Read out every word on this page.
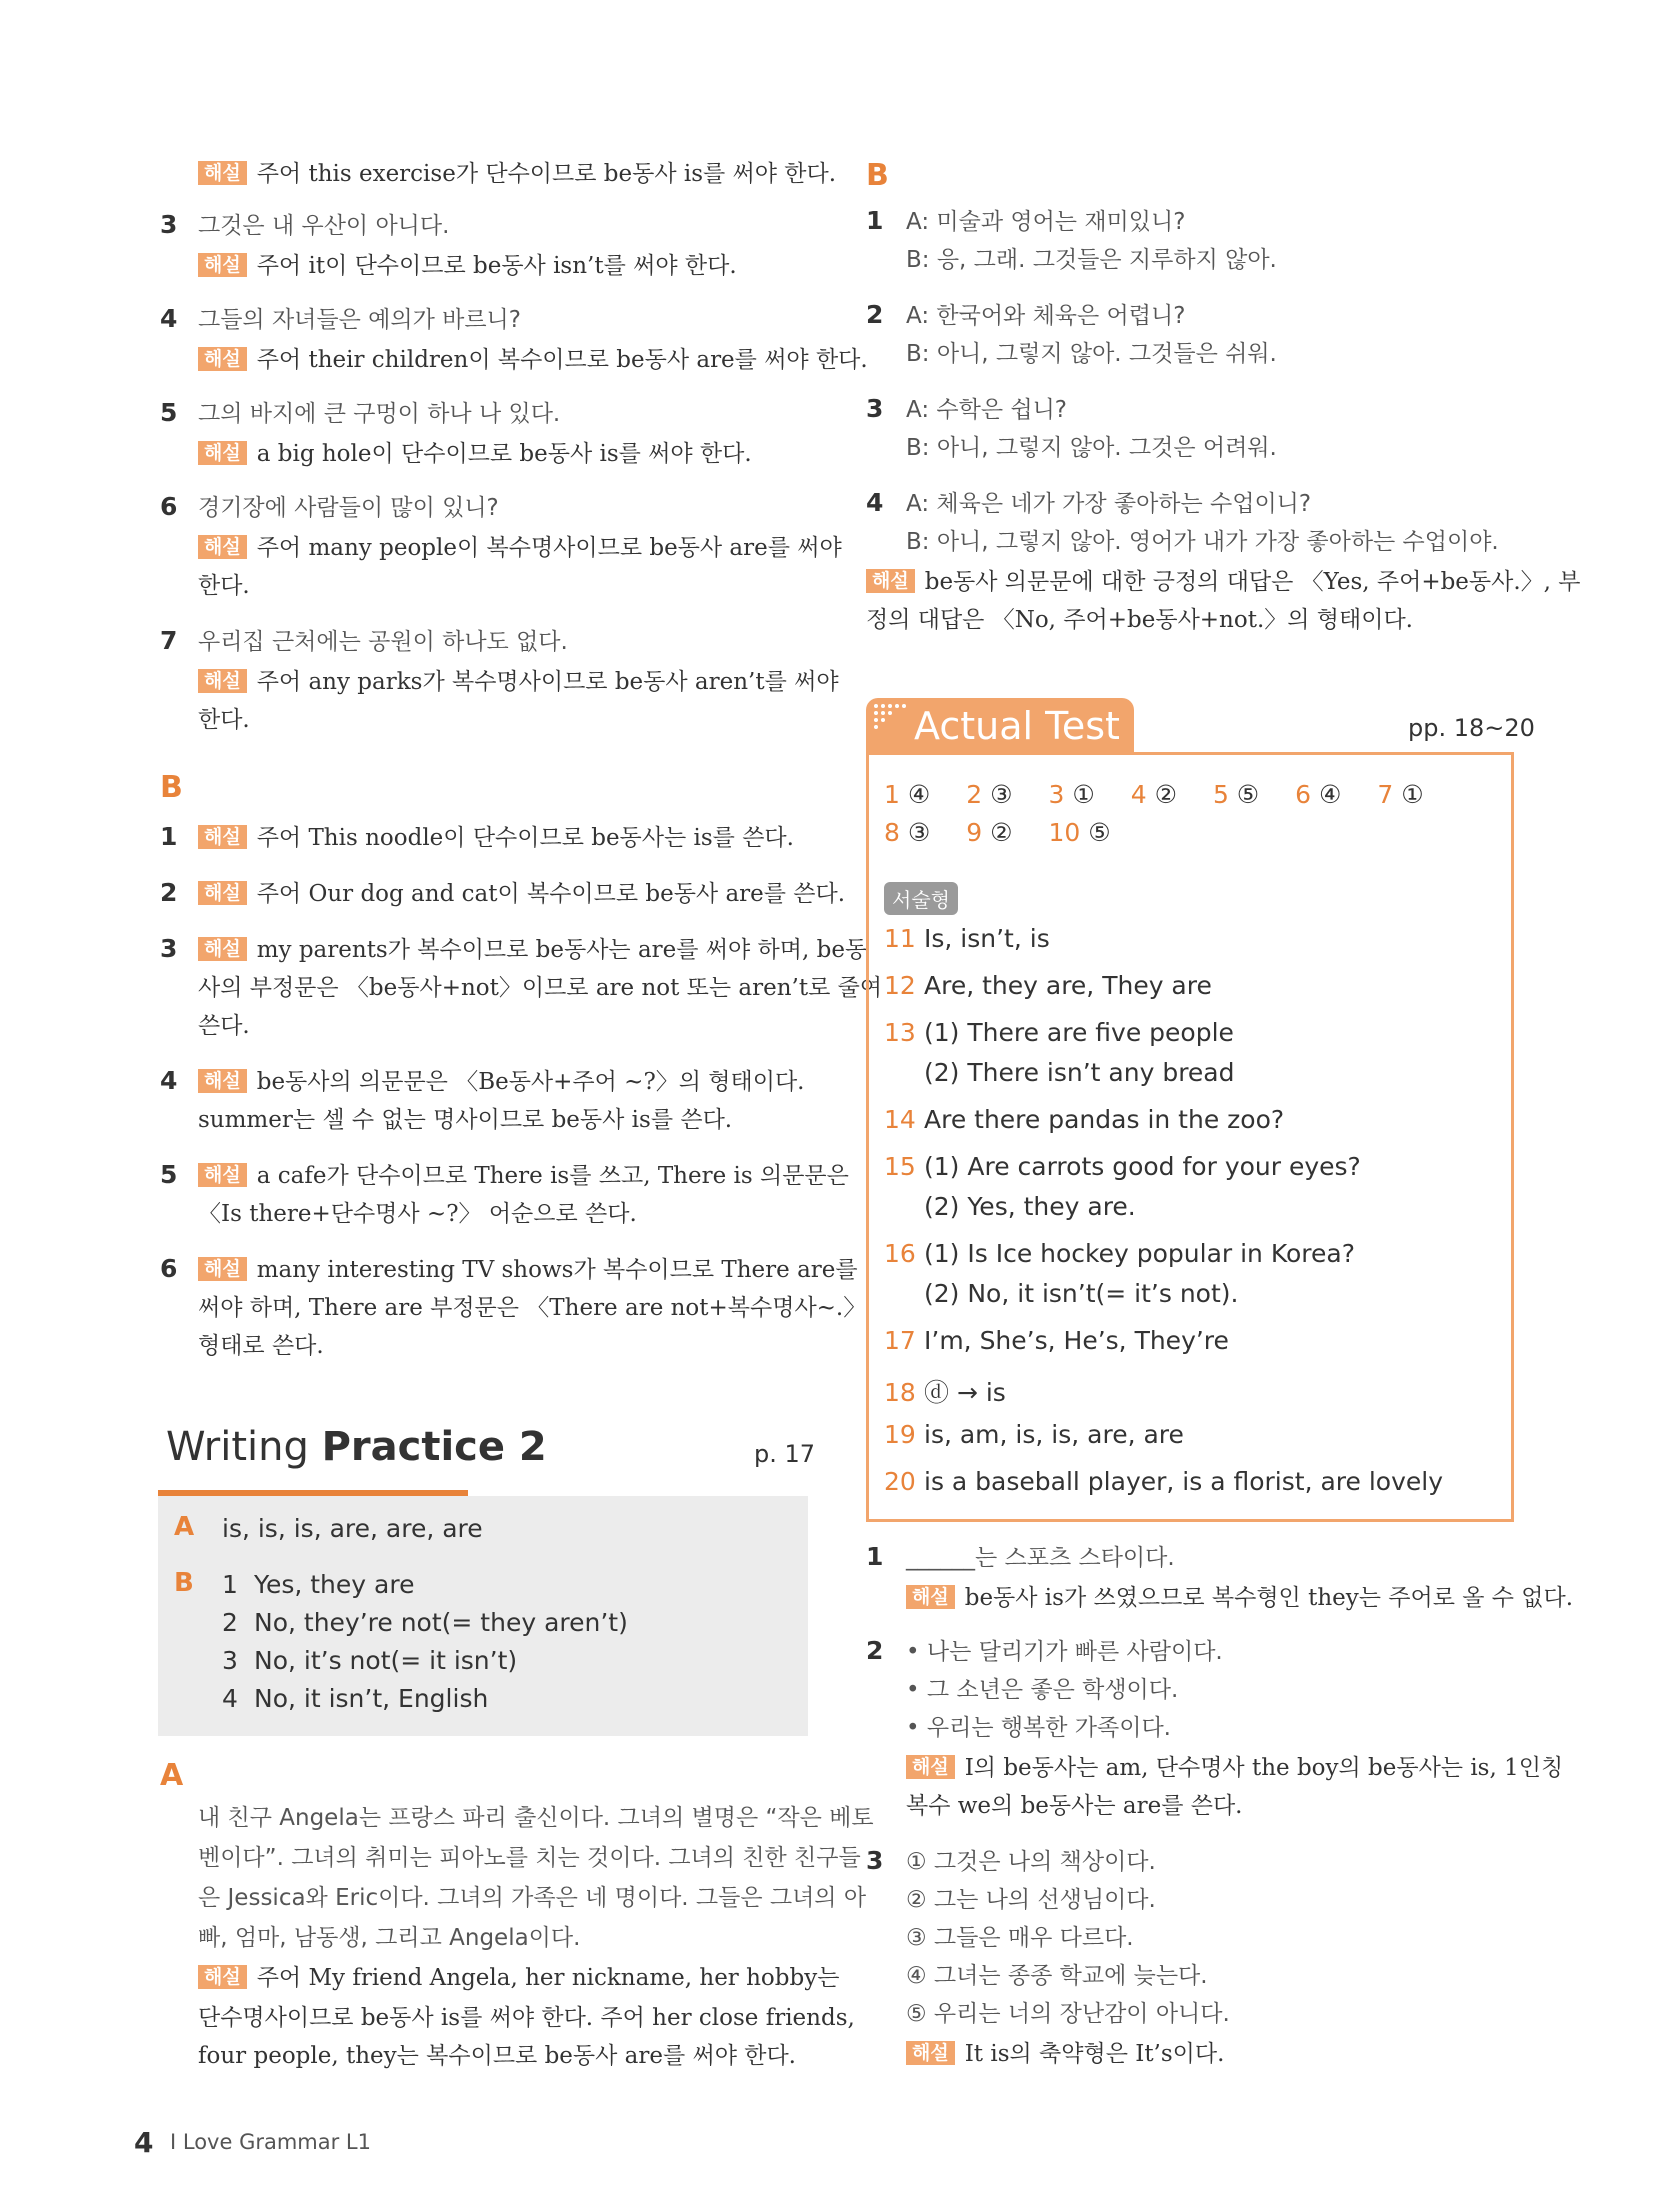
해설 주어 this exercise가 단수이므로 be동사 is를 써야 한다.
3 그것은 내 우산이 아니다.
해설 주어 it이 단수이므로 be동사 isn’t를 써야 한다.
4 그들의 자녀들은 예의가 바르니?
해설 주어 their children이 복수이므로 be동사 are를 써야 한다.
5 그의 바지에 큰 구멍이 하나 나 있다.
해설 a big hole이 단수이므로 be동사 is를 써야 한다.
6 경기장에 사람들이 많이 있니?
해설 주어 many people이 복수명사이므로 be동사 are를 써야
한다.
7 우리집 근처에는 공원이 하나도 없다.
해설 주어 any parks가 복수명사이므로 be동사 aren’t를 써야
한다.
B
1	해설 주어 This noodle이 단수이므로 be동사는 is를 쓴다.
2	해설 주어 Our dog and cat이 복수이므로 be동사 are를 쓴다.
3	해설 my parents가 복수이므로 be동사는 are를 써야 하며, be동
사의 부정문은 〈be동사+not〉이므로 are not 또는 aren’t로 줄여
쓴다.
4	해설 be동사의 의문문은 〈Be동사+주어 ~?〉의 형태이다.
summer는 셀 수 없는 명사이므로 be동사 is를 쓴다.
5	해설 a cafe가 단수이므로 There is를 쓰고, There is 의문문은
〈Is there+단수명사 ~?〉 어순으로 쓴다.
6	해설 many interesting TV shows가 복수이므로 There are를
써야 하며, There are 부정문은 〈There are not+복수명사~.〉
형태로 쓴다.
Writing Practice 2	p. 17
A is, is, is, are, are, are
B 1 Yes, they are
2 No, they’re not(= they aren’t)
3 No, it’s not(= it isn’t)
4 No, it isn’t, English
A
내 친구 Angela는 프랑스 파리 출신이다. 그녀의 별명은 “작은 베토
벤이다”. 그녀의 취미는 피아노를 치는 것이다. 그녀의 친한 친구들
은 Jessica와 Eric이다. 그녀의 가족은 네 명이다. 그들은 그녀의 아
빠, 엄마, 남동생, 그리고 Angela이다.
해설 주어 My friend Angela, her nickname, her hobby는
단수명사이므로 be동사 is를 써야 한다. 주어 her close friends,
four people, they는 복수이므로 be동사 are를 써야 한다.
B
1 A: 미술과 영어는 재미있니?
B: 응, 그래. 그것들은 지루하지 않아.
2 A: 한국어와 체육은 어렵니?
B: 아니, 그렇지 않아. 그것들은 쉬워.
3 A: 수학은 쉽니?
B: 아니, 그렇지 않아. 그것은 어려워.
4 A: 체육은 네가 가장 좋아하는 수업이니?
B: 아니, 그렇지 않아. 영어가 내가 가장 좋아하는 수업이야.
해설 be동사 의문문에 대한 긍정의 대답은 〈Yes, 주어+be동사.〉, 부
정의 대답은 〈No, 주어+be동사+not.〉의 형태이다.
Actual Test	pp. 18~20
1 ④ 2 ③ 3 ① 4 ② 5 ⑤ 6 ④ 7 ①
8 ③ 9 ② 10 ⑤
서술형
11 Is, isn’t, is
12 Are, they are, They are
13 (1) There are five people
(2) There isn’t any bread
14 Are there pandas in the zoo?
15 (1) Are carrots good for your eyes?
(2) Yes, they are.
16 (1) Is Ice hockey popular in Korea?
(2) No, it isn’t(= it’s not).
17 I’m, She’s, He’s, They’re
18 ⓓ → is
19 is, am, is, is, are, are
20 is a baseball player, is a florist, are lovely
1 ______는 스포츠 스타이다.
해설 be동사 is가 쓰였으므로 복수형인 they는 주어로 올 수 없다.
2 • 나는 달리기가 빠른 사람이다.
• 그 소년은 좋은 학생이다.
• 우리는 행복한 가족이다.
해설 I의 be동사는 am, 단수명사 the boy의 be동사는 is, 1인칭
복수 we의 be동사는 are를 쓴다.
3 ① 그것은 나의 책상이다.
② 그는 나의 선생님이다.
③ 그들은 매우 다르다.
④ 그녀는 종종 학교에 늦는다.
⑤ 우리는 너의 장난감이 아니다.
해설 It is의 축약형은 It’s이다.
4 I Love Grammar L1
